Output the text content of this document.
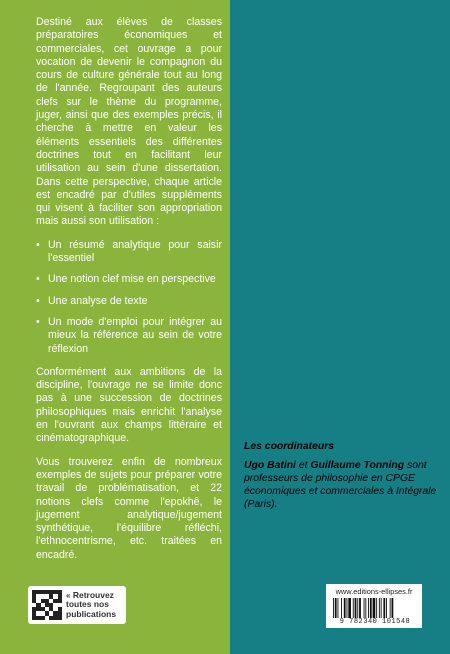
Destiné aux élèves de classes préparatoires économiques et commerciales, cet ouvrage a pour vocation de devenir le compagnon du cours de culture générale tout au long de l'année. Regroupant des auteurs clefs sur le thème du programme, juger, ainsi que des exemples précis, il cherche à mettre en valeur les éléments essentiels des différentes doctrines tout en facilitant leur utilisation au sein d'une dissertation. Dans cette perspective, chaque article est encadré par d'utiles suppléments qui visent à faciliter son appropriation mais aussi son utilisation :

• Un résumé analytique pour saisir l'essentiel
• Une notion clef mise en perspective
• Une analyse de texte
• Un mode d'emploi pour intégrer au mieux la référence au sein de votre réflexion

Conformément aux ambitions de la discipline, l'ouvrage ne se limite donc pas à une succession de doctrines philosophiques mais enrichit l'analyse en l'ouvrant aux champs littéraire et cinématographique.

Vous trouverez enfin de nombreux exemples de sujets pour préparer votre travail de problématisation, et 22 notions clefs comme l'epokhê, le jugement analytique/jugement synthétique, l'équilibre réfléchi, l'ethnocentrisme, etc. traitées en encadré.

« Retrouvez
toutes nos
publications
Les coordinateurs
Ugo Batini et Guillaume Tonning sont professeurs de philosophie en CPGE économiques et commerciales à Intégrale (Paris).
www.editions-ellipses.fr
9 782340 101548
